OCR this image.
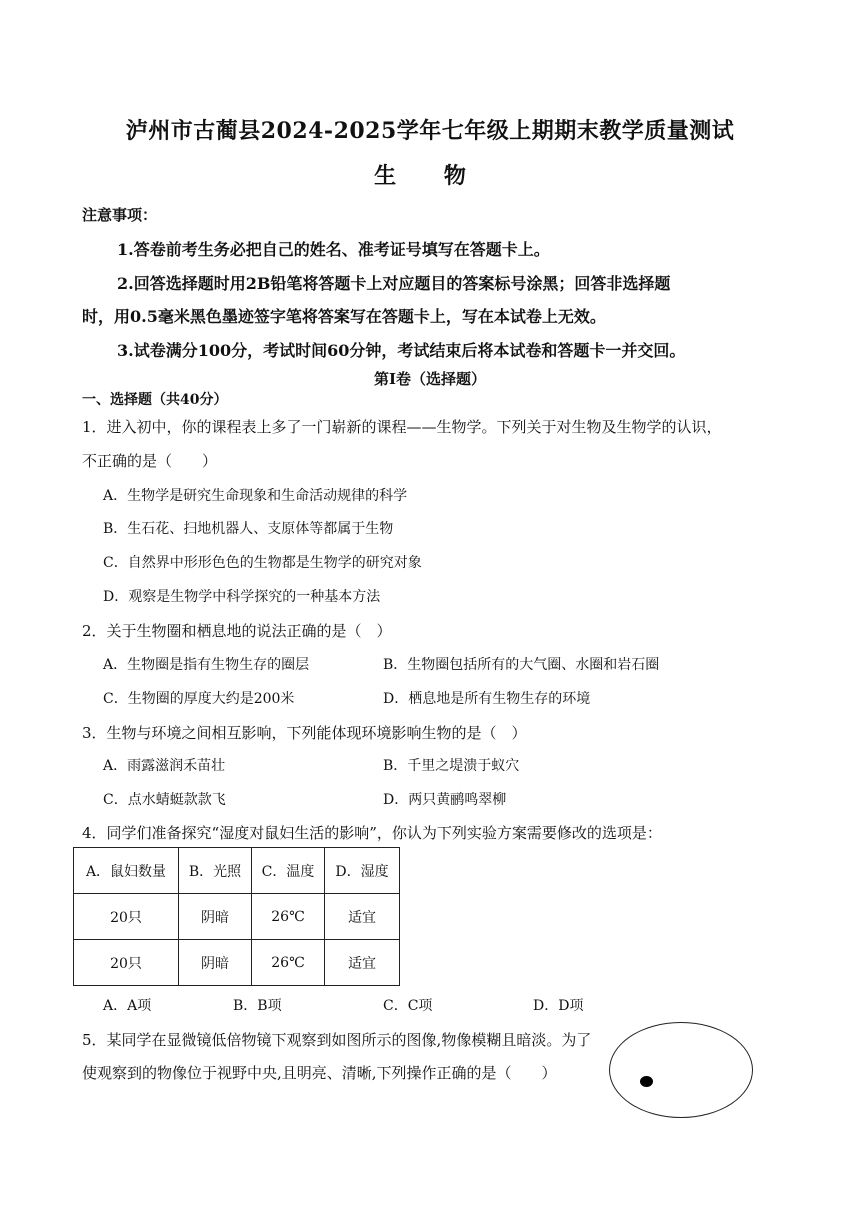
泸州市古蔺县2024-2025学年七年级上期期末教学质量测试
生 物
注意事项：
1.答卷前考生务必把自己的姓名、准考证号填写在答题卡上。
2.回答选择题时用2B铅笔将答题卡上对应题目的答案标号涂黑；回答非选择题
时，用0.5毫米黑色墨迹签字笔将答案写在答题卡上，写在本试卷上无效。
3.试卷满分100分，考试时间60分钟，考试结束后将本试卷和答题卡一并交回。
第Ⅰ卷（选择题）
一、选择题（共40分）
1．进入初中，你的课程表上多了一门崭新的课程——生物学。下列关于对生物及生物学的认识，
不正确的是（　　）
A．生物学是研究生命现象和生命活动规律的科学
B．生石花、扫地机器人、支原体等都属于生物
C．自然界中形形色色的生物都是生物学的研究对象
D．观察是生物学中科学探究的一种基本方法
2．关于生物圈和栖息地的说法正确的是（　）
A．生物圈是指有生物生存的圈层	B．生物圈包括所有的大气圈、水圈和岩石圈
C．生物圈的厚度大约是200米	D．栖息地是所有生物生存的环境
3．生物与环境之间相互影响，下列能体现环境影响生物的是（　）
A．雨露滋润禾苗壮	B．千里之堤溃于蚁穴
C．点水蜻蜓款款飞	D．两只黄鹂鸣翠柳
4．同学们准备探究“湿度对鼠妇生活的影响”，你认为下列实验方案需要修改的选项是：
A．鼠妇数量	B．光照	C．温度	D．湿度
20只	阴暗	26℃	适宜
20只	阴暗	26℃	适宜
A．A项	B．B项	C．C项	D．D项
5．某同学在显微镜低倍物镜下观察到如图所示的图像,物像模糊且暗淡。为了
使观察到的物像位于视野中央,且明亮、清晰,下列操作正确的是（　　）
